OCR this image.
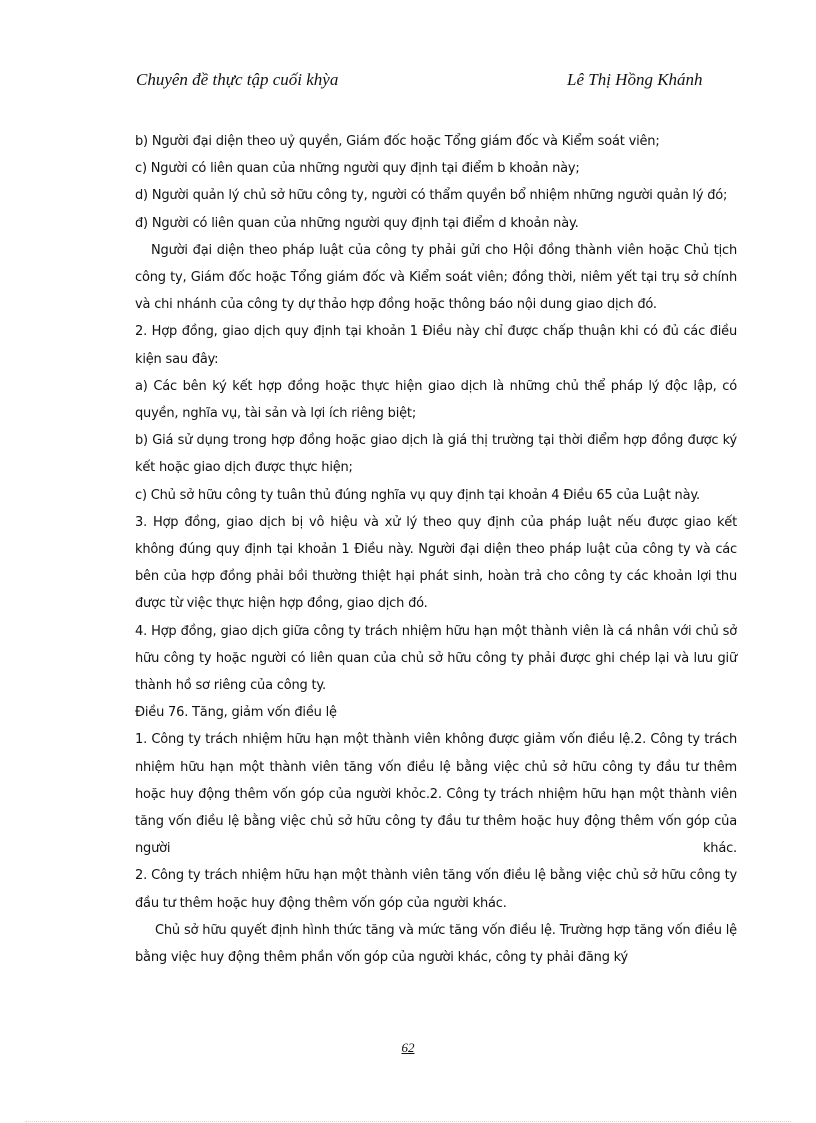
Chuyên đề thực tập cuối khỳa	Lê Thị Hồng Khánh

b) Người đại diện theo uỷ quyền, Giám đốc hoặc Tổng giám đốc và Kiểm soát viên;

c) Người có liên quan của những người quy định tại điểm b khoản này;

d) Người quản lý chủ sở hữu công ty, người có thẩm quyền bổ nhiệm những người quản lý đó;

đ) Người có liên quan của những người quy định tại điểm d khoản này.

Người đại diện theo pháp luật của công ty phải gửi cho Hội đồng thành viên hoặc Chủ tịch công ty, Giám đốc hoặc Tổng giám đốc và Kiểm soát viên; đồng thời, niêm yết tại trụ sở chính và chi nhánh của công ty dự thảo hợp đồng hoặc thông báo nội dung giao dịch đó.

2. Hợp đồng, giao dịch quy định tại khoản 1 Điều này chỉ được chấp thuận khi có đủ các điều kiện sau đây:

a) Các bên ký kết hợp đồng hoặc thực hiện giao dịch là những chủ thể pháp lý độc lập, có quyền, nghĩa vụ, tài sản và lợi ích riêng biệt;

b) Giá sử dụng trong hợp đồng hoặc giao dịch là giá thị trường tại thời điểm hợp đồng được ký kết hoặc giao dịch được thực hiện;

c) Chủ sở hữu công ty tuân thủ đúng nghĩa vụ quy định tại khoản 4 Điều 65 của Luật này.

3. Hợp đồng, giao dịch bị vô hiệu và xử lý theo quy định của pháp luật nếu được giao kết không đúng quy định tại khoản 1 Điều này. Người đại diện theo pháp luật của công ty và các bên của hợp đồng phải bồi thường thiệt hại phát sinh, hoàn trả cho công ty các khoản lợi thu được từ việc thực hiện hợp đồng, giao dịch đó.

4. Hợp đồng, giao dịch giữa công ty trách nhiệm hữu hạn một thành viên là cá nhân với chủ sở hữu công ty hoặc người có liên quan của chủ sở hữu công ty phải được ghi chép lại và lưu giữ thành hồ sơ riêng của công ty.

Điều 76. Tăng, giảm vốn điều lệ

1. Công ty trách nhiệm hữu hạn một thành viên không được giảm vốn điều lệ.2. Công ty trách nhiệm hữu hạn một thành viên tăng vốn điều lệ bằng việc chủ sở hữu công ty đầu tư thêm hoặc huy động thêm vốn góp của người khỏc.2. Công ty trách nhiệm hữu hạn một thành viên tăng vốn điều lệ bằng việc chủ sở hữu công ty đầu tư thêm hoặc huy động thêm vốn góp của người khác.

2. Công ty trách nhiệm hữu hạn một thành viên tăng vốn điều lệ bằng việc chủ sở hữu công ty đầu tư thêm hoặc huy động thêm vốn góp của người khác.

Chủ sở hữu quyết định hình thức tăng và mức tăng vốn điều lệ. Trường hợp tăng vốn điều lệ bằng việc huy động thêm phần vốn góp của người khác, công ty phải đăng ký

62
